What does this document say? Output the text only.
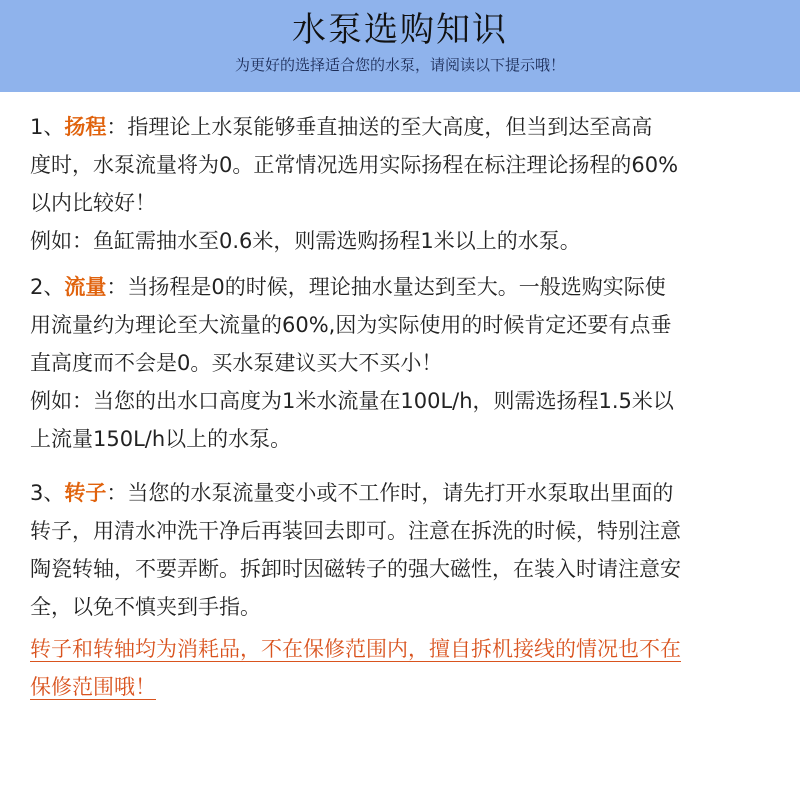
水泵选购知识
为更好的选择适合您的水泵，请阅读以下提示哦！

1、扬程：指理论上水泵能够垂直抽送的至大高度，但当到达至高高

度时，水泵流量将为0。正常情况选用实际扬程在标注理论扬程的60%

以内比较好！

例如：鱼缸需抽水至0.6米，则需选购扬程1米以上的水泵。

2、流量：当扬程是0的时候，理论抽水量达到至大。一般选购实际使

用流量约为理论至大流量的60%,因为实际使用的时候肯定还要有点垂

直高度而不会是0。买水泵建议买大不买小！

例如：当您的出水口高度为1米水流量在100L/h，则需选扬程1.5米以

上流量150L/h以上的水泵。

3、转子：当您的水泵流量变小或不工作时，请先打开水泵取出里面的

转子，用清水冲洗干净后再装回去即可。注意在拆洗的时候，特别注意

陶瓷转轴，不要弄断。拆卸时因磁转子的强大磁性，在装入时请注意安

全，以免不慎夹到手指。

转子和转轴均为消耗品，不在保修范围内，擅自拆机接线的情况也不在

保修范围哦！
